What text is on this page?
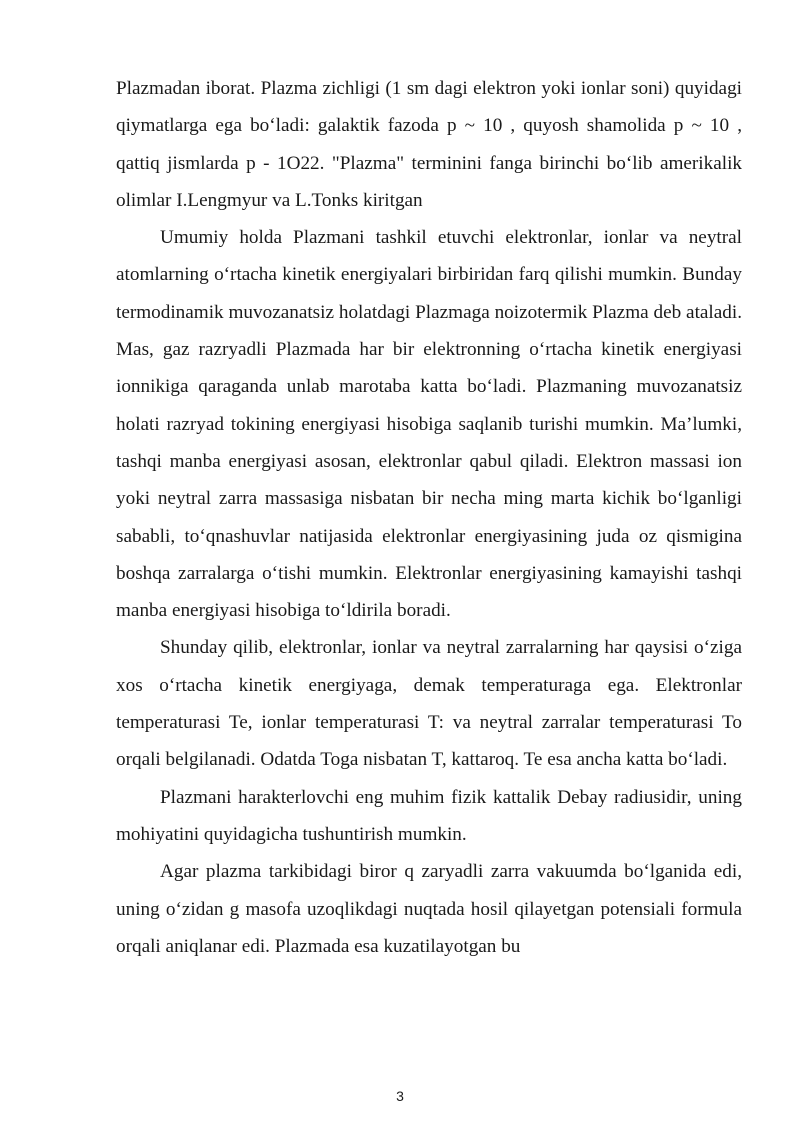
Plazmadan iborat. Plazma zichligi (1 sm dagi elektron yoki ionlar soni) quyidagi qiymatlarga ega bo‘ladi: galaktik fazoda p ~ 10 , quyosh shamolida p ~ 10 , qattiq jismlarda p - 1O22. "Plazma" terminini fanga birinchi bo‘lib amerikalik olimlar I.Lengmyur va L.Tonks kiritgan

Umumiy holda Plazmani tashkil etuvchi elektronlar, ionlar va neytral atomlarning o‘rtacha kinetik energiyalari birbiridan farq qilishi mumkin. Bunday termodinamik muvozanatsiz holatdagi Plazmaga noizotermik Plazma deb ataladi. Mas, gaz razryadli Plazmada har bir elektronning o‘rtacha kinetik energiyasi ionnikiga qaraganda unlab marotaba katta bo‘ladi. Plazmaning muvozanatsiz holati razryad tokining energiyasi hisobiga saqlanib turishi mumkin. Ma’lumki, tashqi manba energiyasi asosan, elektronlar qabul qiladi. Elektron massasi ion yoki neytral zarra massasiga nisbatan bir necha ming marta kichik bo‘lganligi sababli, to‘qnashuvlar natijasida elektronlar energiyasining juda oz qismigina boshqa zarralarga o‘tishi mumkin. Elektronlar energiyasining kamayishi tashqi manba energiyasi hisobiga to‘ldirila boradi.

Shunday qilib, elektronlar, ionlar va neytral zarralarning har qaysisi o‘ziga xos o‘rtacha kinetik energiyaga, demak temperaturaga ega. Elektronlar temperaturasi Te, ionlar temperaturasi T: va neytral zarralar temperaturasi To orqali belgilanadi. Odatda Toga nisbatan T, kattaroq. Te esa ancha katta bo‘ladi.

Plazmani harakterlovchi eng muhim fizik kattalik Debay radiusidir, uning mohiyatini quyidagicha tushuntirish mumkin.

Agar plazma tarkibidagi biror q zaryadli zarra vakuumda bo‘lganida edi, uning o‘zidan g masofa uzoqlikdagi nuqtada hosil qilayetgan potensiali formula orqali aniqlanar edi. Plazmada esa kuzatilayotgan bu

3
